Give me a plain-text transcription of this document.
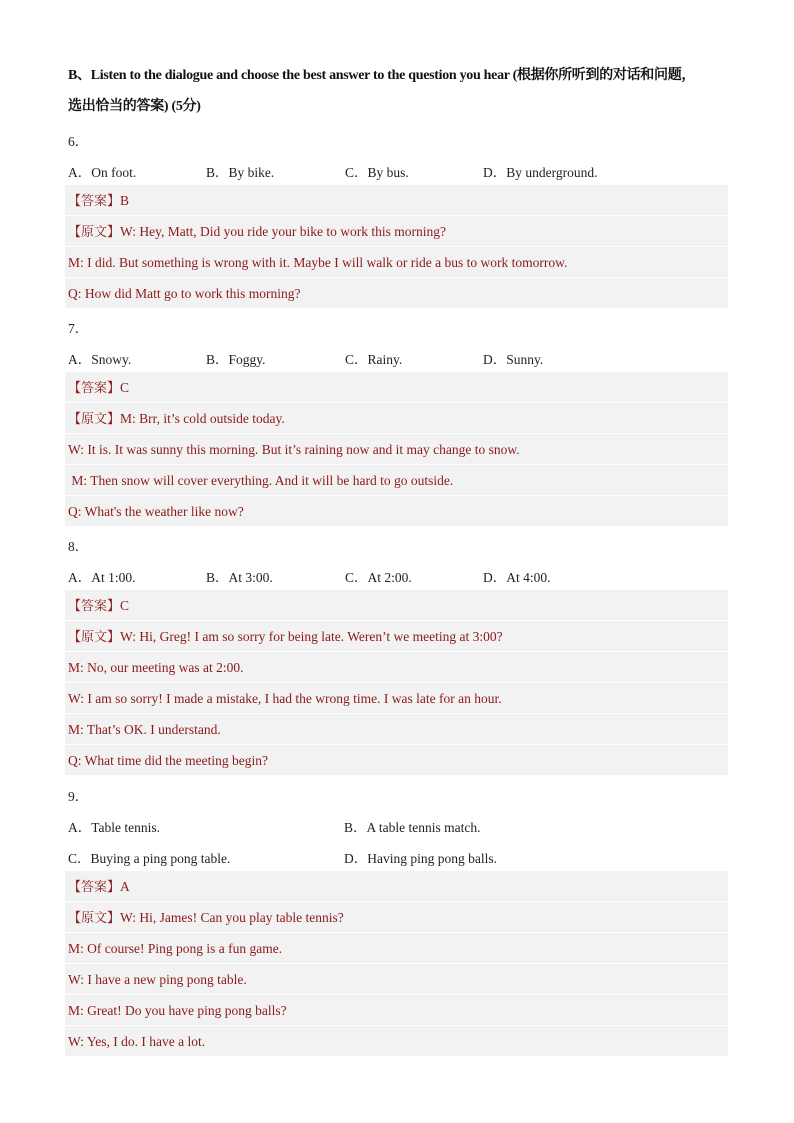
B、Listen to the dialogue and choose the best answer to the question you hear (根据你所听到的对话和问题，
选出恰当的答案) (5分)
6．
A．On foot.	B．By bike.	C．By bus.	D．By underground.
【答案】B
【原文】W: Hey, Matt, Did you ride your bike to work this morning?
M: I did. But something is wrong with it. Maybe I will walk or ride a bus to work tomorrow.
Q: How did Matt go to work this morning?
7．
A．Snowy.	B．Foggy.	C．Rainy.	D．Sunny.
【答案】C
【原文】M: Brr, it’s cold outside today.
W: It is. It was sunny this morning. But it’s raining now and it may change to snow.
M: Then snow will cover everything. And it will be hard to go outside.
Q: What's the weather like now?
8．
A．At 1:00.	B．At 3:00.	C．At 2:00.	D．At 4:00.
【答案】C
【原文】W: Hi, Greg! I am so sorry for being late. Weren’t we meeting at 3:00?
M: No, our meeting was at 2:00.
W: I am so sorry! I made a mistake, I had the wrong time. I was late for an hour.
M: That’s OK. I understand.
Q: What time did the meeting begin?
9．
A．Table tennis.	B．A table tennis match.
C．Buying a ping pong table.	D．Having ping pong balls.
【答案】A
【原文】W: Hi, James! Can you play table tennis?
M: Of course! Ping pong is a fun game.
W: I have a new ping pong table.
M: Great! Do you have ping pong balls?
W: Yes, I do. I have a lot.
